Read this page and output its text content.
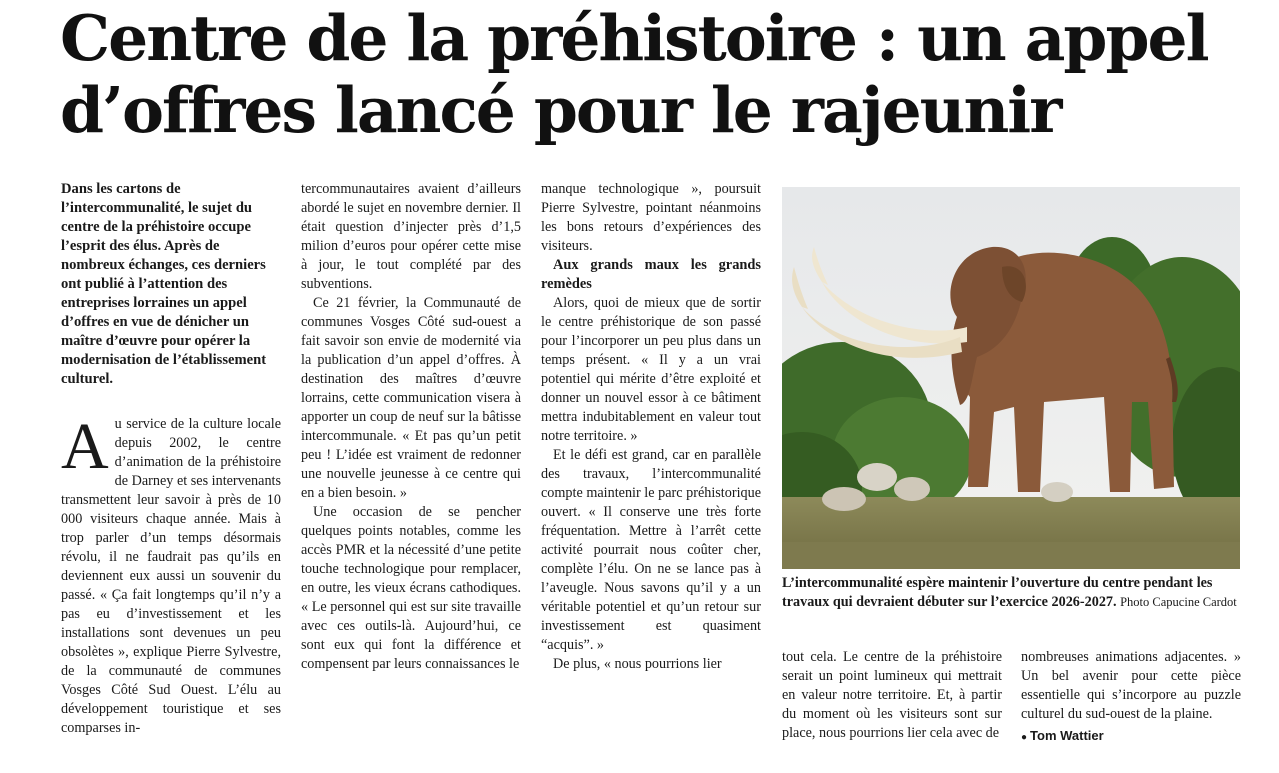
Centre de la préhistoire : un appel d’offres lancé pour le rajeunir

Dans les cartons de l’intercommunalité, le sujet du centre de la préhistoire occupe l’esprit des élus. Après de nombreux échanges, ces derniers ont publié à l’attention des entreprises lorraines un appel d’offres en vue de dénicher un maître d’œuvre pour opérer la modernisation de l’établissement culturel.

Au service de la culture locale depuis 2002, le centre d’animation de la préhistoire de Darney et ses intervenants transmettent leur savoir à près de 10 000 visiteurs chaque année. Mais à trop parler d’un temps désormais révolu, il ne faudrait pas qu’ils en deviennent eux aussi un souvenir du passé. « Ça fait longtemps qu’il n’y a pas eu d’investissement et les installations sont devenues un peu obsolètes », explique Pierre Sylvestre, de la communauté de communes Vosges Côté Sud Ouest. L’élu au développement touristique et ses comparses in-

tercommunautaires avaient d’ailleurs abordé le sujet en novembre dernier. Il était question d’injecter près d’1,5 milion d’euros pour opérer cette mise à jour, le tout complété par des subventions.

Ce 21 février, la Communauté de communes Vosges Côté sud-ouest a fait savoir son envie de modernité via la publication d’un appel d’offres. À destination des maîtres d’œuvre lorrains, cette communication visera à apporter un coup de neuf sur la bâtisse intercommunale. « Et pas qu’un petit peu ! L’idée est vraiment de redonner une nouvelle jeunesse à ce centre qui en a bien besoin. »

Une occasion de se pencher quelques points notables, comme les accès PMR et la nécessité d’une petite touche technologique pour remplacer, en outre, les vieux écrans cathodiques. « Le personnel qui est sur site travaille avec ces outils-là. Aujourd’hui, ce sont eux qui font la différence et compensent par leurs connaissances le

manque technologique », poursuit Pierre Sylvestre, pointant néanmoins les bons retours d’expériences des visiteurs.

Aux grands maux les grands remèdes

Alors, quoi de mieux que de sortir le centre préhistorique de son passé pour l’incorporer un peu plus dans un temps présent. « Il y a un vrai potentiel qui mérite d’être exploité et donner un nouvel essor à ce bâtiment mettra indubitablement en valeur tout notre territoire. »

Et le défi est grand, car en parallèle des travaux, l’intercommunalité compte maintenir le parc préhistorique ouvert. « Il conserve une très forte fréquentation. Mettre à l’arrêt cette activité pourrait nous coûter cher, complète l’élu. On ne se lance pas à l’aveugle. Nous savons qu’il y a un véritable potentiel et qu’un retour sur investissement est quasiment “acquis”. »

De plus, « nous pourrions lier

L’intercommunalité espère maintenir l’ouverture du centre pendant les travaux qui devraient débuter sur l’exercice 2026-2027. Photo Capucine Cardot

tout cela. Le centre de la préhistoire serait un point lumineux qui mettrait en valeur notre territoire. Et, à partir du moment où les visiteurs sont sur place, nous pourrions lier cela avec de

nombreuses animations adjacentes. » Un bel avenir pour cette pièce essentielle qui s’incorpore au puzzle culturel du sud-ouest de la plaine.

● Tom Wattier
